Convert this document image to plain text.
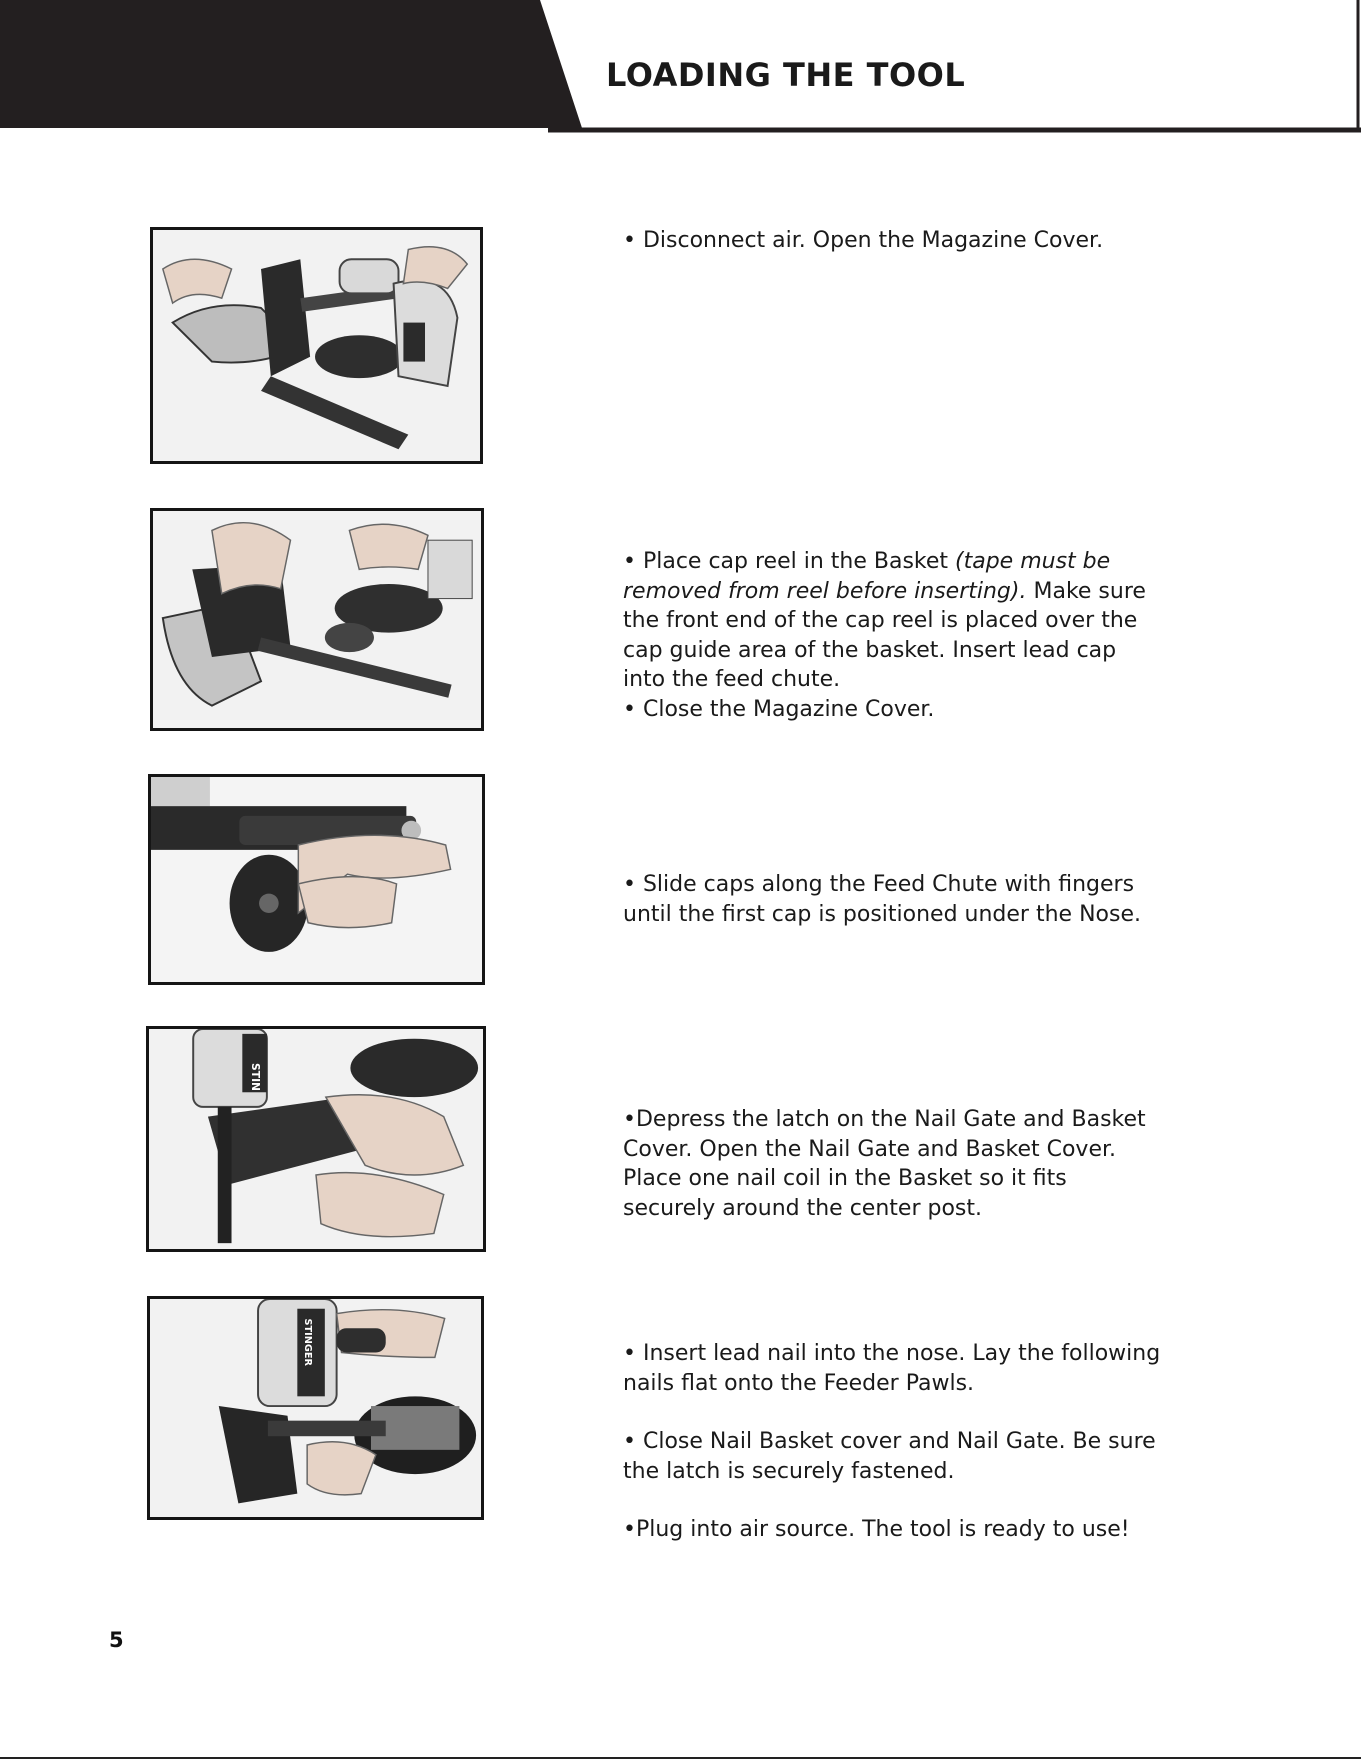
LOADING THE TOOL
STIN
STINGER

• Disconnect air. Open the Magazine Cover.

• Place cap reel in the Basket (tape must be

removed from reel before inserting). Make sure

the front end of the cap reel is placed over the

cap guide area of the basket. Insert lead cap

into the feed chute.

• Close the Magazine Cover.

• Slide caps along the Feed Chute with fingers

until the first cap is positioned under the Nose.

•Depress the latch on the Nail Gate and Basket

Cover. Open the Nail Gate and Basket Cover.

Place one nail coil in the Basket so it fits

securely around the center post.

• Insert lead nail into the nose. Lay the following

nails flat onto the Feeder Pawls.

• Close Nail Basket cover and Nail Gate. Be sure

the latch is securely fastened.

•Plug into air source. The tool is ready to use!

5
